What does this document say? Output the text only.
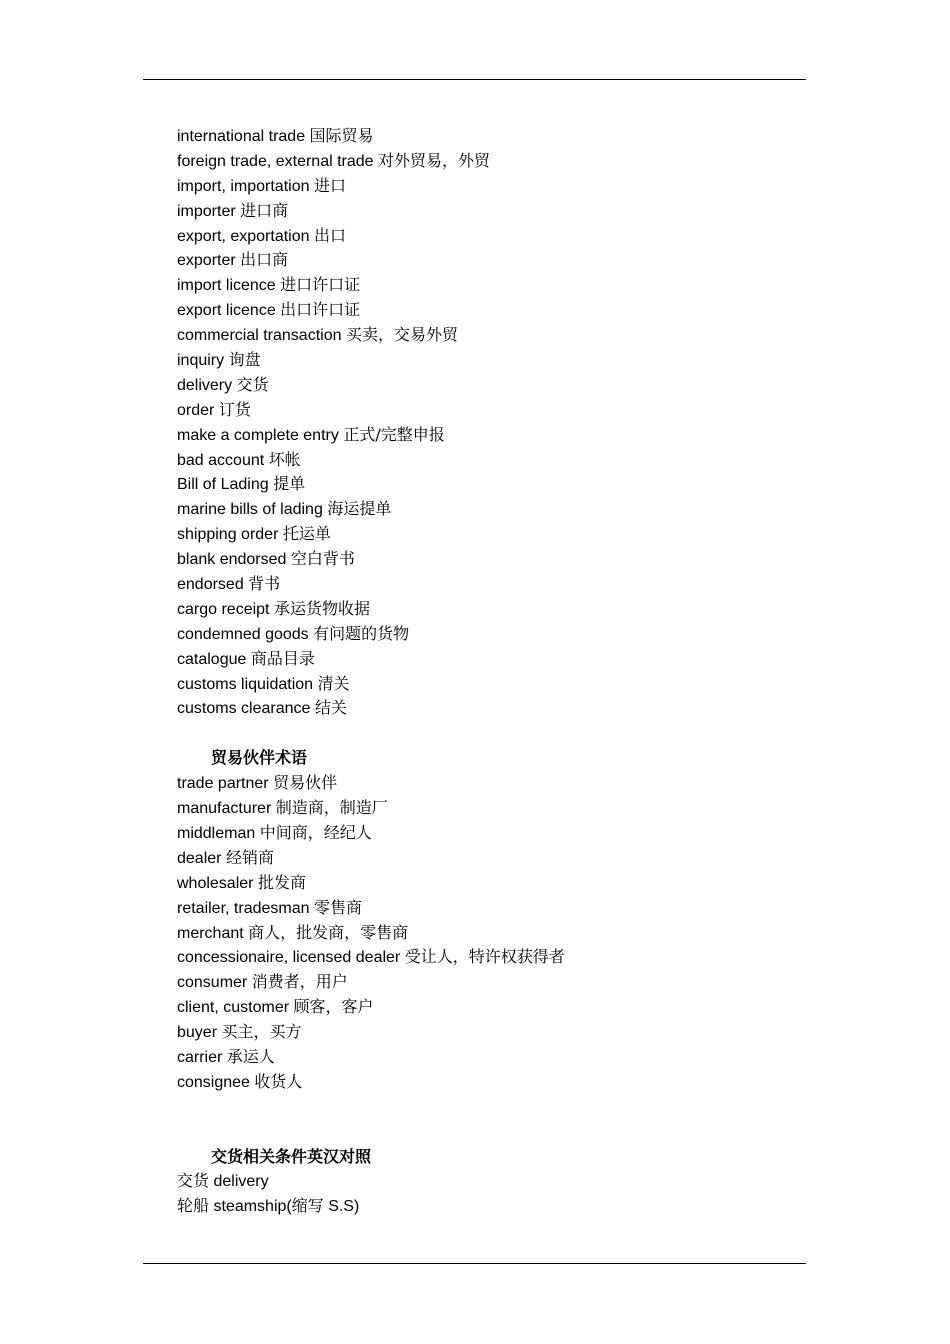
international trade 国际贸易
foreign trade, external trade 对外贸易，外贸
import, importation 进口
importer 进口商
export, exportation 出口
exporter 出口商
import licence 进口许口证
export licence 出口许口证
commercial transaction 买卖，交易外贸
inquiry 询盘
delivery 交货
order 订货
make a complete entry 正式/完整申报
bad account 坏帐
Bill of Lading 提单
marine bills of lading 海运提单
shipping order 托运单
blank endorsed 空白背书
endorsed 背书
cargo receipt 承运货物收据
condemned goods 有问题的货物
catalogue 商品目录
customs liquidation 清关
customs clearance 结关
贸易伙伴术语
trade partner 贸易伙伴
manufacturer 制造商，制造厂
middleman 中间商，经纪人
dealer 经销商
wholesaler 批发商
retailer, tradesman 零售商
merchant 商人，批发商，零售商
concessionaire, licensed dealer 受让人，特许权获得者
consumer 消费者，用户
client, customer 顾客，客户
buyer 买主，买方
carrier 承运人
consignee 收货人
交货相关条件英汉对照
交货 delivery
轮船 steamship(缩写 S.S)
